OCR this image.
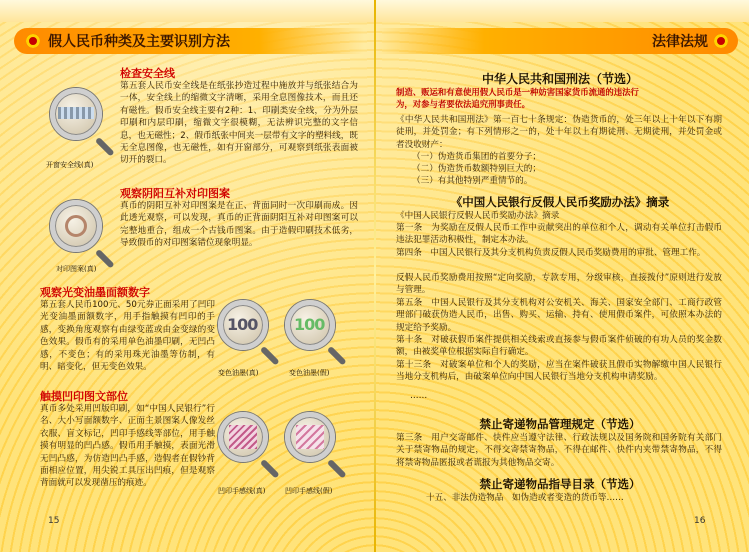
假人民币种类及主要识别方法
检查安全线
第五套人民币安全线是在纸张抄造过程中施放并与纸张结合为一体，安全线上的缩微文字清晰，采用全息图像技术，而且还有磁性。假币安全线主要有2种：1、印刷类安全线，分为外层印刷和内层印刷，缩微文字很模糊，无法辨识完整的文字信息，也无磁性；2、假币纸张中间夹一层带有文字的塑料线，既无全息图像，也无磁性，如有开窗部分，可观察到纸张表面被切开的裂口。
开窗安全线(真)
观察阴阳互补对印图案
真币的阴阳互补对印图案是在正、背面同时一次印刷而成。因此透光观察，可以发现，真币的正背面阴阳互补对印图案可以完整地重合，组成一个古钱币图案。由于造假印刷技术低劣，导致假币的对印图案错位现象明显。
对印图案(真)
观察光变油墨面额数字
第五套人民币100元、50元券正面采用了凹印光变油墨面额数字，用手指触摸有凹印的手感，变换角度观察有由绿变蓝或由金变绿的变色效果。假币有的采用单色油墨印刷，无凹凸感，不变色；有的采用珠光油墨等仿制，有明、暗变化，但无变色效果。
100 100
变色油墨(真)	变色油墨(假)
触摸凹印图文部位
真币多处采用凹版印刷，如“中国人民银行”行名、大小写面额数字、正面主景图案人像发丝衣服、盲文标记，凹印手感线等部位，用手触摸有明显的凹凸感。假币用手触摸，表面光滑无凹凸感，为仿造凹凸手感，造假者在假钞背面相应位置，用尖锐工具压出凹痕，但是观察背面就可以发现凿压的痕迹。
凹印手感线(真)	凹印手感线(假)
15
法律法规
中华人民共和国刑法（节选）
制造、贩运和有意使用假人民币是一种妨害国家货币流通的违法行
为，对参与者要依法追究刑事责任。
《中华人民共和国刑法》第一百七十条规定：伪造货币的，处三年以上十年以下有期徒刑，并处罚金；有下列情形之一的，处十年以上有期徒刑、无期徒刑，并处罚金或者没收财产：
（一）伪造货币集团的首要分子；
（二）伪造货币数额特别巨大的；
（三）有其他特别严重情节的。
《中国人民银行反假人民币奖励办法》摘录
《中国人民银行反假人民币奖励办法》摘录
第一条　为奖励在反假人民币工作中贡献突出的单位和个人，调动有关单位打击假币违法犯罪活动积极性，制定本办法。
第四条　中国人民银行及其分支机构负责反假人民币奖励费用的审批、管理工作。
反假人民币奖励费用按照“定向奖励，专款专用，分级审核，直接拨付”原则进行发放与管理。
第五条　中国人民银行及其分支机构对公安机关、海关、国家安全部门、工商行政管理部门破获伪造人民币，出售、购买、运输、持有、使用假币案件，可依照本办法的规定给予奖励。
第十条　对破获假币案件提供相关线索或直接参与假币案件侦破的有功人员的奖金数额，由被奖单位根据实际自行确定。
第十三条　对破案单位和个人的奖励，应当在案件破获且假币实物解缴中国人民银行当地分支机构后，由破案单位向中国人民银行当地分支机构申请奖励。
……
禁止寄递物品管理规定（节选）
第三条　用户交寄邮件、快件应当遵守法律、行政法规以及国务院和国务院有关部门关于禁寄物品的规定，不得交寄禁寄物品，不得在邮件、快件内夹带禁寄物品，不得将禁寄物品匿报或者谎报为其他物品交寄。
禁止寄递物品指导目录（节选）
十五、非法伪造物品　如伪造或者变造的货币等……
16
